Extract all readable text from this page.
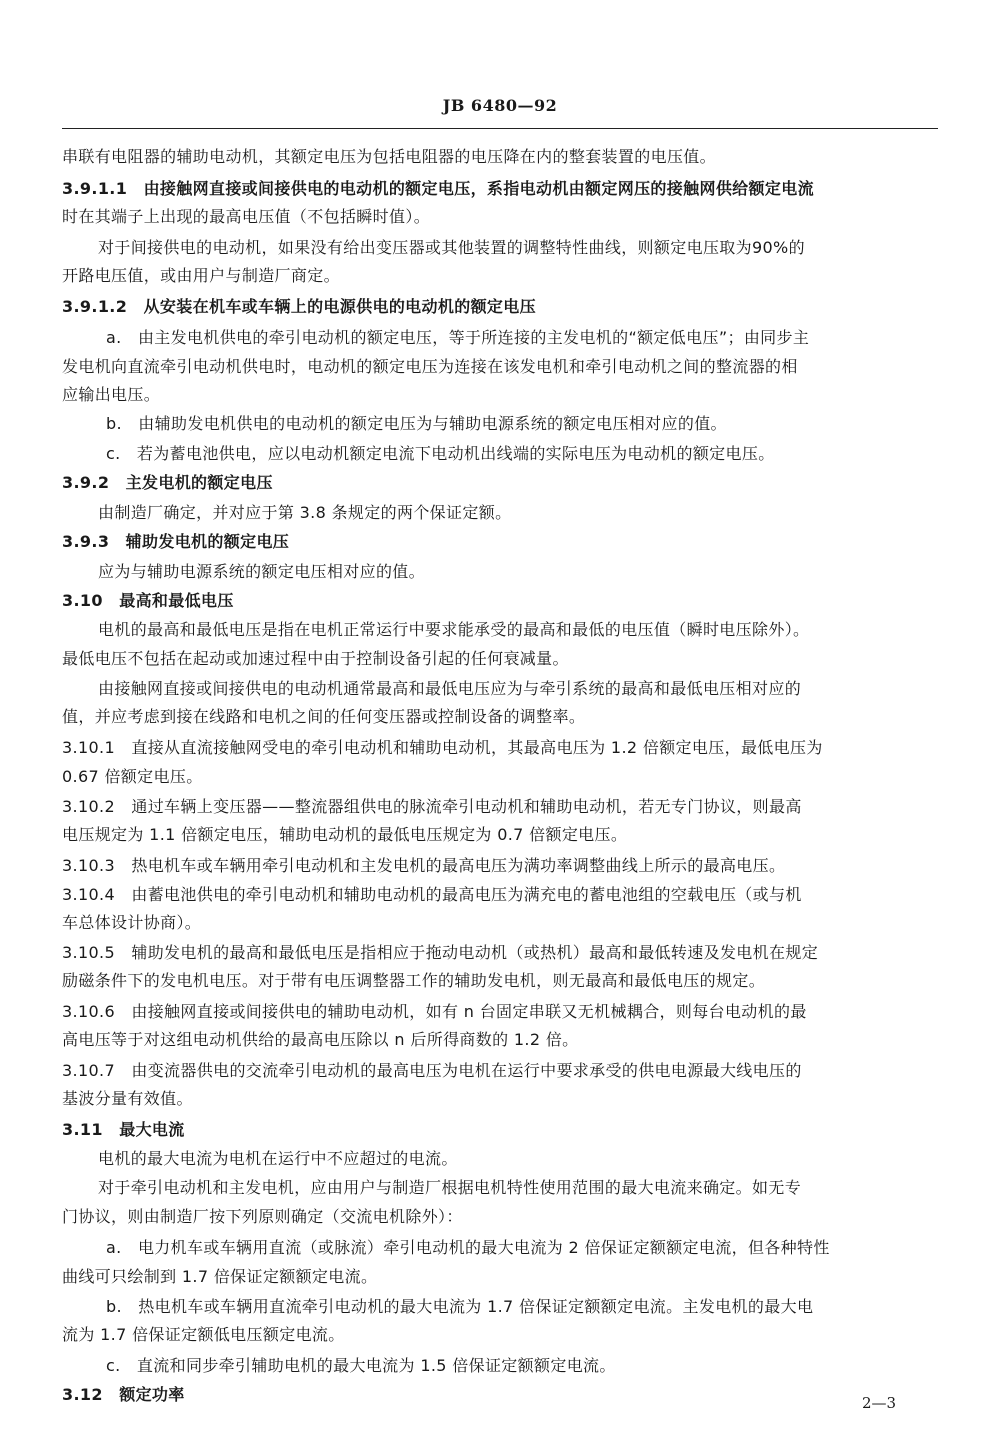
JB 6480—92
串联有电阻器的辅助电动机，其额定电压为包括电阻器的电压降在内的整套装置的电压值。
3.9.1.1　由接触网直接或间接供电的电动机的额定电压，系指电动机由额定网压的接触网供给额定电流
时在其端子上出现的最高电压值（不包括瞬时值）。
对于间接供电的电动机，如果没有给出变压器或其他装置的调整特性曲线，则额定电压取为90%的
开路电压值，或由用户与制造厂商定。
3.9.1.2　从安装在机车或车辆上的电源供电的电动机的额定电压
a.　由主发电机供电的牵引电动机的额定电压，等于所连接的主发电机的“额定低电压”；由同步主
发电机向直流牵引电动机供电时，电动机的额定电压为连接在该发电机和牵引电动机之间的整流器的相
应输出电压。
b.　由辅助发电机供电的电动机的额定电压为与辅助电源系统的额定电压相对应的值。
c.　若为蓄电池供电，应以电动机额定电流下电动机出线端的实际电压为电动机的额定电压。
3.9.2　主发电机的额定电压
由制造厂确定，并对应于第 3.8 条规定的两个保证定额。
3.9.3　辅助发电机的额定电压
应为与辅助电源系统的额定电压相对应的值。
3.10　最高和最低电压
电机的最高和最低电压是指在电机正常运行中要求能承受的最高和最低的电压值（瞬时电压除外）。
最低电压不包括在起动或加速过程中由于控制设备引起的任何衰减量。
由接触网直接或间接供电的电动机通常最高和最低电压应为与牵引系统的最高和最低电压相对应的
值，并应考虑到接在线路和电机之间的任何变压器或控制设备的调整率。
3.10.1　直接从直流接触网受电的牵引电动机和辅助电动机，其最高电压为 1.2 倍额定电压，最低电压为
0.67 倍额定电压。
3.10.2　通过车辆上变压器——整流器组供电的脉流牵引电动机和辅助电动机，若无专门协议，则最高
电压规定为 1.1 倍额定电压，辅助电动机的最低电压规定为 0.7 倍额定电压。
3.10.3　热电机车或车辆用牵引电动机和主发电机的最高电压为满功率调整曲线上所示的最高电压。
3.10.4　由蓄电池供电的牵引电动机和辅助电动机的最高电压为满充电的蓄电池组的空载电压（或与机
车总体设计协商）。
3.10.5　辅助发电机的最高和最低电压是指相应于拖动电动机（或热机）最高和最低转速及发电机在规定
励磁条件下的发电机电压。对于带有电压调整器工作的辅助发电机，则无最高和最低电压的规定。
3.10.6　由接触网直接或间接供电的辅助电动机，如有 n 台固定串联又无机械耦合，则每台电动机的最
高电压等于对这组电动机供给的最高电压除以 n 后所得商数的 1.2 倍。
3.10.7　由变流器供电的交流牵引电动机的最高电压为电机在运行中要求承受的供电电源最大线电压的
基波分量有效值。
3.11　最大电流
电机的最大电流为电机在运行中不应超过的电流。
对于牵引电动机和主发电机，应由用户与制造厂根据电机特性使用范围的最大电流来确定。如无专
门协议，则由制造厂按下列原则确定（交流电机除外）：
a.　电力机车或车辆用直流（或脉流）牵引电动机的最大电流为 2 倍保证定额额定电流，但各种特性
曲线可只绘制到 1.7 倍保证定额额定电流。
b.　热电机车或车辆用直流牵引电动机的最大电流为 1.7 倍保证定额额定电流。主发电机的最大电
流为 1.7 倍保证定额低电压额定电流。
c.　直流和同步牵引辅助电机的最大电流为 1.5 倍保证定额额定电流。
3.12　额定功率	2—3
